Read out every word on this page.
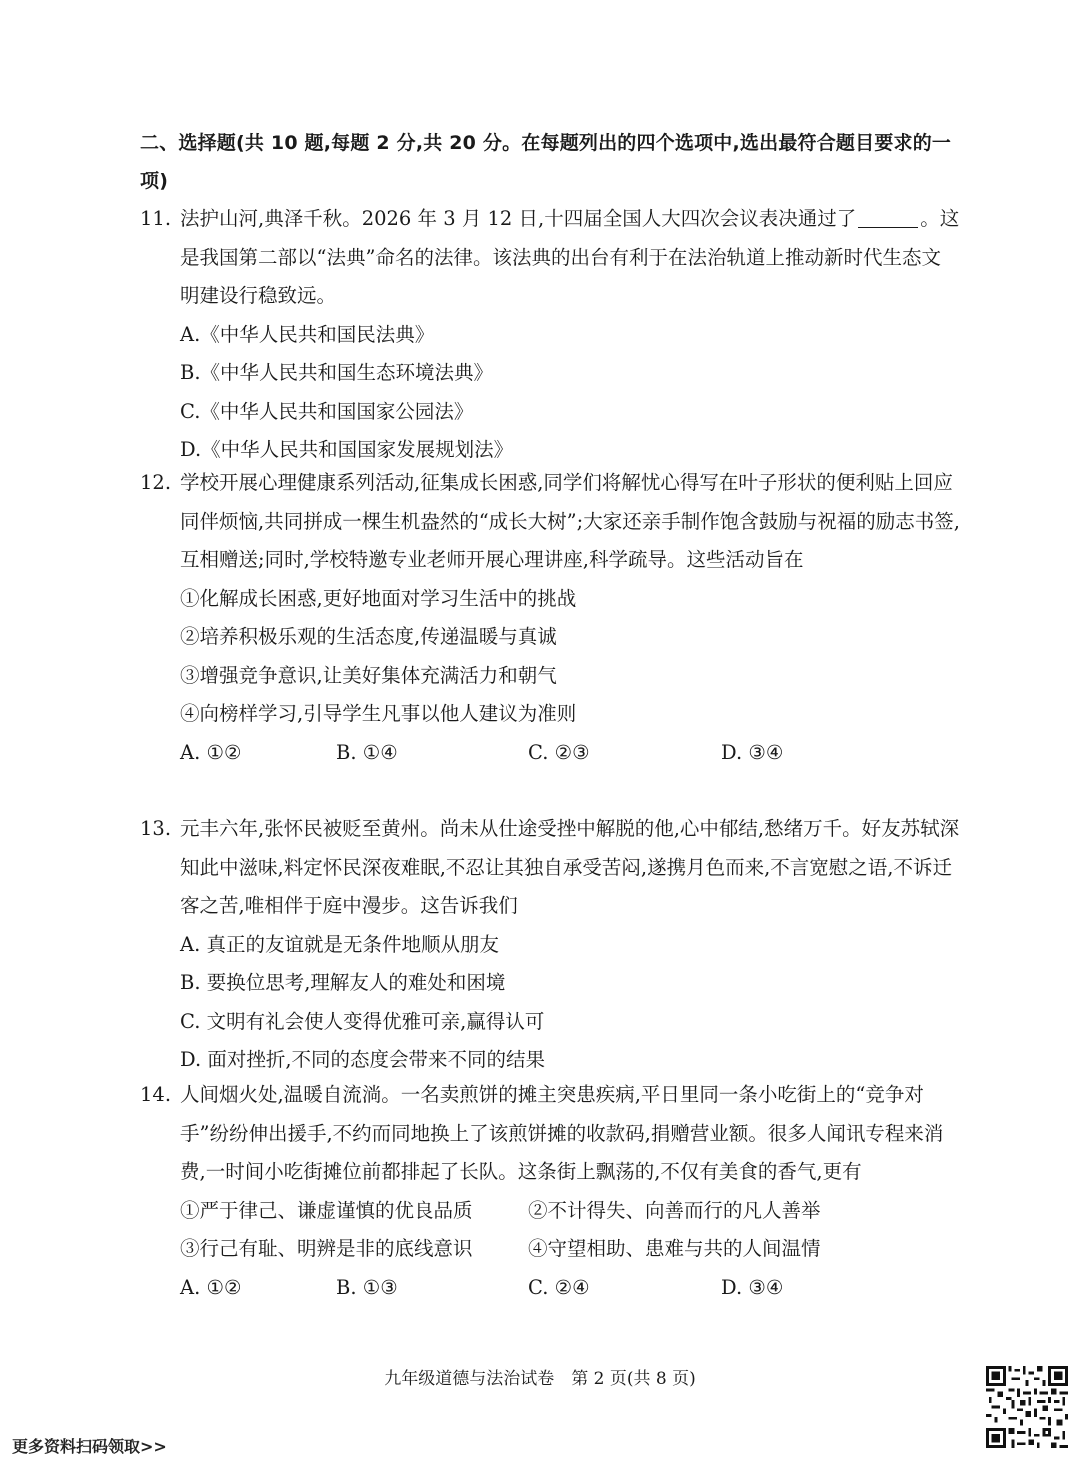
二、选择题(共 10 题,每题 2 分,共 20 分。在每题列出的四个选项中,选出最符合题目要求的一项)
11. 法护山河,典泽千秋。2026 年 3 月 12 日,十四届全国人大四次会议表决通过了	。这是我国第二部以“法典”命名的法律。该法典的出台有利于在法治轨道上推动新时代生态文明建设行稳致远。
A.《中华人民共和国民法典》
B.《中华人民共和国生态环境法典》
C.《中华人民共和国国家公园法》
D.《中华人民共和国国家发展规划法》
12. 学校开展心理健康系列活动,征集成长困惑,同学们将解忧心得写在叶子形状的便利贴上回应同伴烦恼,共同拼成一棵生机盎然的“成长大树”;大家还亲手制作饱含鼓励与祝福的励志书签,互相赠送;同时,学校特邀专业老师开展心理讲座,科学疏导。这些活动旨在
①化解成长困惑,更好地面对学习生活中的挑战
②培养积极乐观的生活态度,传递温暖与真诚
③增强竞争意识,让美好集体充满活力和朝气
④向榜样学习,引导学生凡事以他人建议为准则
A. ①②	B. ①④	C. ②③	D. ③④
13. 元丰六年,张怀民被贬至黄州。尚未从仕途受挫中解脱的他,心中郁结,愁绪万千。好友苏轼深知此中滋味,料定怀民深夜难眠,不忍让其独自承受苦闷,遂携月色而来,不言宽慰之语,不诉迁客之苦,唯相伴于庭中漫步。这告诉我们
A. 真正的友谊就是无条件地顺从朋友
B. 要换位思考,理解友人的难处和困境
C. 文明有礼会使人变得优雅可亲,赢得认可
D. 面对挫折,不同的态度会带来不同的结果
14. 人间烟火处,温暖自流淌。一名卖煎饼的摊主突患疾病,平日里同一条小吃街上的“竞争对手”纷纷伸出援手,不约而同地换上了该煎饼摊的收款码,捐赠营业额。很多人闻讯专程来消费,一时间小吃街摊位前都排起了长队。这条街上飘荡的,不仅有美食的香气,更有
①严于律己、谦虚谨慎的优良品质	②不计得失、向善而行的凡人善举
③行己有耻、明辨是非的底线意识	④守望相助、患难与共的人间温情
A. ①②	B. ①③	C. ②④	D. ③④
九年级道德与法治试卷　第 2 页(共 8 页)
更多资料扫码领取>>
